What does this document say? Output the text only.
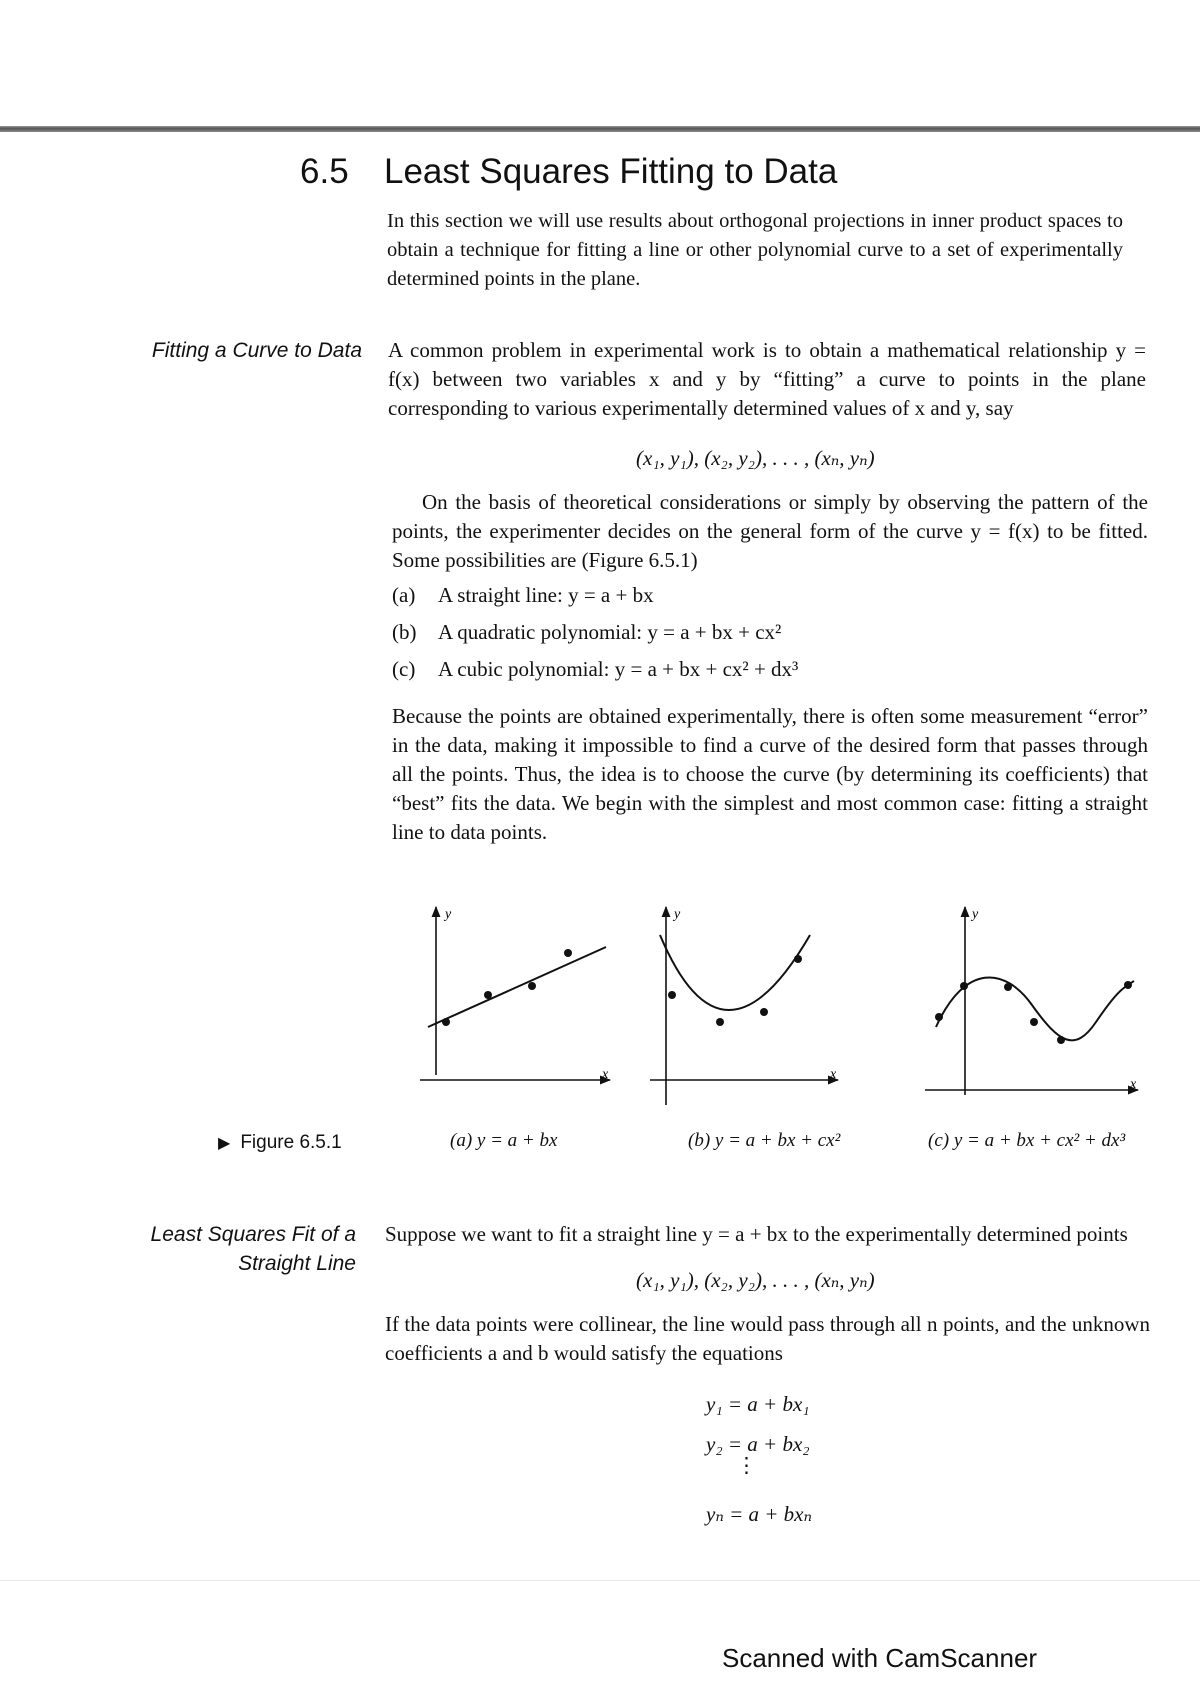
6.5 Least Squares Fitting to Data
In this section we will use results about orthogonal projections in inner product spaces to obtain a technique for fitting a line or other polynomial curve to a set of experimentally determined points in the plane.
Fitting a Curve to Data A common problem in experimental work is to obtain a mathematical relationship y = f(x) between two variables x and y by “fitting” a curve to points in the plane corresponding to various experimentally determined values of x and y, say
(x₁, y₁), (x₂, y₂), . . . , (xₙ, yₙ)
On the basis of theoretical considerations or simply by observing the pattern of the points, the experimenter decides on the general form of the curve y = f(x) to be fitted. Some possibilities are (Figure 6.5.1)
(a) A straight line: y = a + bx
(b) A quadratic polynomial: y = a + bx + cx²
(c) A cubic polynomial: y = a + bx + cx² + dx³
Because the points are obtained experimentally, there is often some measurement “error” in the data, making it impossible to find a curve of the desired form that passes through all the points. Thus, the idea is to choose the curve (by determining its coefficients) that “best” fits the data. We begin with the simplest and most common case: fitting a straight line to data points.
y
x
y
x
y
x
▶ Figure 6.5.1	(a) y = a + bx	(b) y = a + bx + cx²	(c) y = a + bx + cx² + dx³
Least Squares Fit of a
Straight Line
Suppose we want to fit a straight line y = a + bx to the experimentally determined points
(x₁, y₁), (x₂, y₂), . . . , (xₙ, yₙ)
If the data points were collinear, the line would pass through all n points, and the unknown coefficients a and b would satisfy the equations
y₁ = a + bx₁
y₂ = a + bx₂
⋮
yₙ = a + bxₙ
Scanned with CamScanner
